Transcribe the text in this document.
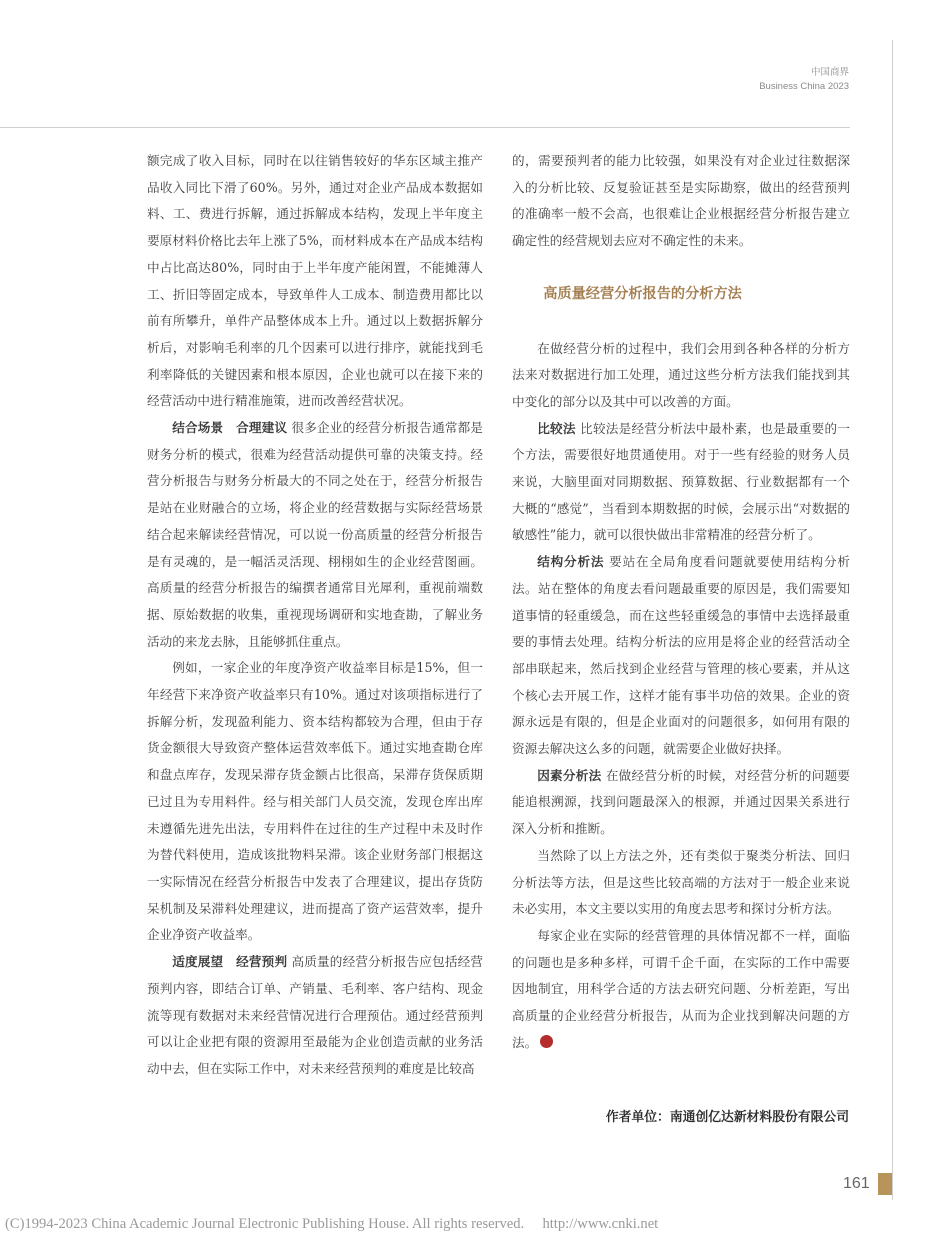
中国商界
Business China 2023

额完成了收入目标，同时在以往销售较好的华东区域主推产品收入同比下滑了60%。另外，通过对企业产品成本数据如料、工、费进行拆解，通过拆解成本结构，发现上半年度主要原材料价格比去年上涨了5%，而材料成本在产品成本结构中占比高达80%，同时由于上半年度产能闲置，不能摊薄人工、折旧等固定成本，导致单件人工成本、制造费用都比以前有所攀升，单件产品整体成本上升。通过以上数据拆解分析后，对影响毛利率的几个因素可以进行排序，就能找到毛利率降低的关键因素和根本原因，企业也就可以在接下来的经营活动中进行精准施策，进而改善经营状况。

结合场景　合理建议 很多企业的经营分析报告通常都是财务分析的模式，很难为经营活动提供可靠的决策支持。经营分析报告与财务分析最大的不同之处在于，经营分析报告是站在业财融合的立场，将企业的经营数据与实际经营场景结合起来解读经营情况，可以说一份高质量的经营分析报告是有灵魂的，是一幅活灵活现、栩栩如生的企业经营图画。高质量的经营分析报告的编撰者通常目光犀利，重视前端数据、原始数据的收集，重视现场调研和实地查勘，了解业务活动的来龙去脉，且能够抓住重点。

例如，一家企业的年度净资产收益率目标是15%，但一年经营下来净资产收益率只有10%。通过对该项指标进行了拆解分析，发现盈利能力、资本结构都较为合理，但由于存货金额很大导致资产整体运营效率低下。通过实地查勘仓库和盘点库存，发现呆滞存货金额占比很高，呆滞存货保质期已过且为专用料件。经与相关部门人员交流，发现仓库出库未遵循先进先出法，专用料件在过往的生产过程中未及时作为替代料使用，造成该批物料呆滞。该企业财务部门根据这一实际情况在经营分析报告中发表了合理建议，提出存货防呆机制及呆滞料处理建议，进而提高了资产运营效率，提升企业净资产收益率。

适度展望　经营预判 高质量的经营分析报告应包括经营预判内容，即结合订单、产销量、毛利率、客户结构、现金流等现有数据对未来经营情况进行合理预估。通过经营预判可以让企业把有限的资源用至最能为企业创造贡献的业务活动中去，但在实际工作中，对未来经营预判的难度是比较高

的，需要预判者的能力比较强，如果没有对企业过往数据深入的分析比较、反复验证甚至是实际勘察，做出的经营预判的准确率一般不会高，也很难让企业根据经营分析报告建立确定性的经营规划去应对不确定性的未来。

高质量经营分析报告的分析方法

在做经营分析的过程中，我们会用到各种各样的分析方法来对数据进行加工处理，通过这些分析方法我们能找到其中变化的部分以及其中可以改善的方面。

比较法 比较法是经营分析法中最朴素，也是最重要的一个方法，需要很好地贯通使用。对于一些有经验的财务人员来说，大脑里面对同期数据、预算数据、行业数据都有一个大概的“感觉”，当看到本期数据的时候，会展示出“对数据的敏感性”能力，就可以很快做出非常精准的经营分析了。

结构分析法 要站在全局角度看问题就要使用结构分析法。站在整体的角度去看问题最重要的原因是，我们需要知道事情的轻重缓急，而在这些轻重缓急的事情中去选择最重要的事情去处理。结构分析法的应用是将企业的经营活动全部串联起来，然后找到企业经营与管理的核心要素，并从这个核心去开展工作，这样才能有事半功倍的效果。企业的资源永远是有限的，但是企业面对的问题很多，如何用有限的资源去解决这么多的问题，就需要企业做好抉择。

因素分析法 在做经营分析的时候，对经营分析的问题要能追根溯源，找到问题最深入的根源，并通过因果关系进行深入分析和推断。

当然除了以上方法之外，还有类似于聚类分析法、回归分析法等方法，但是这些比较高端的方法对于一般企业来说未必实用，本文主要以实用的角度去思考和探讨分析方法。

每家企业在实际的经营管理的具体情况都不一样，面临的问题也是多种多样，可谓千企千面，在实际的工作中需要因地制宜，用科学合适的方法去研究问题、分析差距，写出高质量的企业经营分析报告，从而为企业找到解决问题的方法。

作者单位：南通创亿达新材料股份有限公司
161
(C)1994-2023 China Academic Journal Electronic Publishing House. All rights reserved.　 http://www.cnki.net
